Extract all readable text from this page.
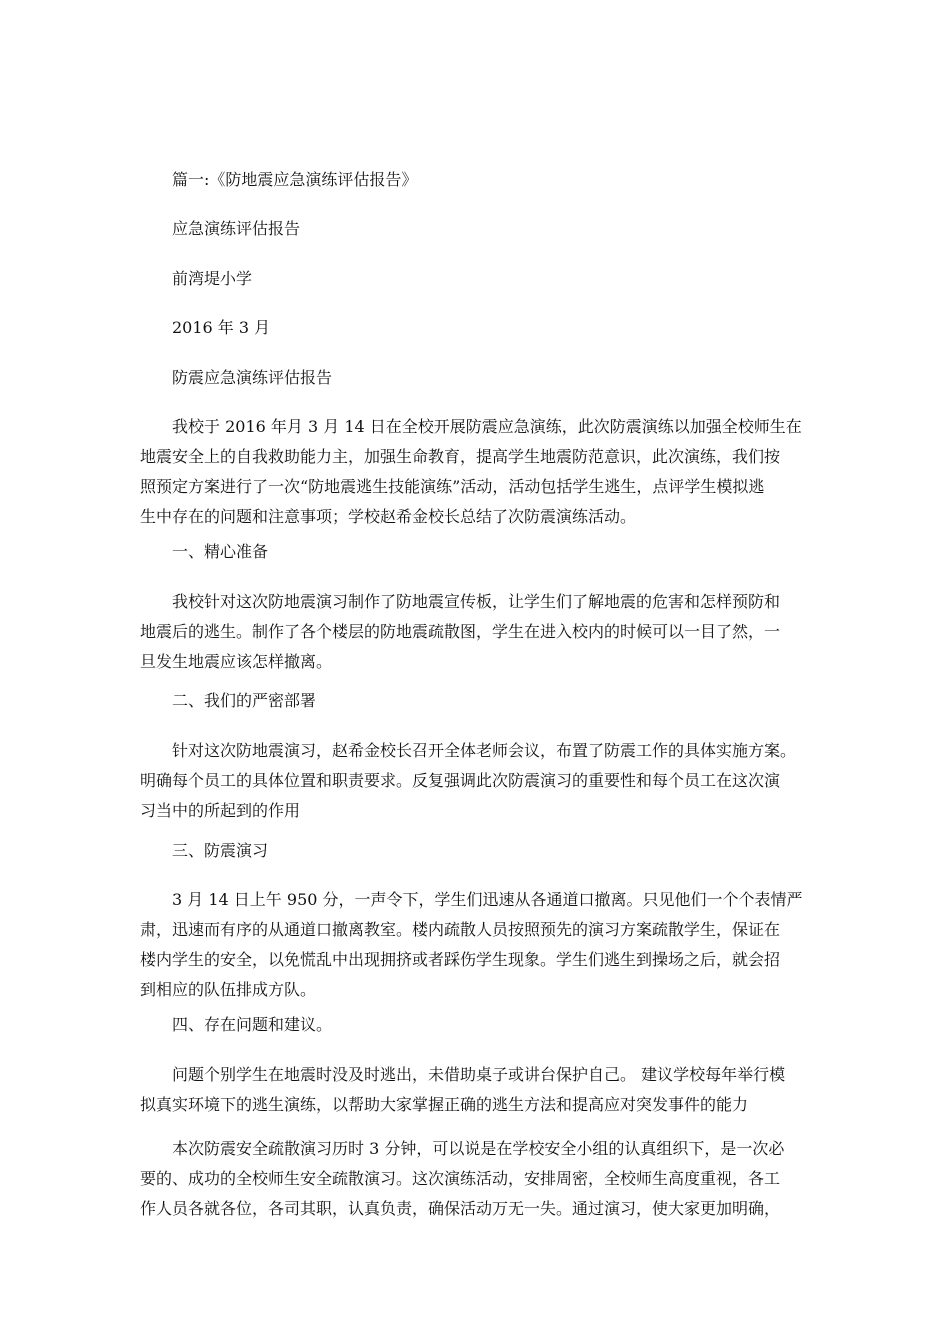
篇一:《防地震应急演练评估报告》
应急演练评估报告
前湾堤小学
2016 年 3 月
防震应急演练评估报告
我校于 2016 年月 3 月 14 日在全校开展防震应急演练，此次防震演练以加强全校师生在
地震安全上的自我救助能力主，加强生命教育，提高学生地震防范意识，此次演练，我们按
照预定方案进行了一次“防地震逃生技能演练”活动，活动包括学生逃生，点评学生模拟逃
生中存在的问题和注意事项；学校赵希金校长总结了次防震演练活动。
一、精心准备
我校针对这次防地震演习制作了防地震宣传板，让学生们了解地震的危害和怎样预防和
地震后的逃生。制作了各个楼层的防地震疏散图，学生在进入校内的时候可以一目了然，一
旦发生地震应该怎样撤离。
二、我们的严密部署
针对这次防地震演习，赵希金校长召开全体老师会议，布置了防震工作的具体实施方案。
明确每个员工的具体位置和职责要求。反复强调此次防震演习的重要性和每个员工在这次演
习当中的所起到的作用
三、防震演习
3 月 14 日上午 950 分，一声令下，学生们迅速从各通道口撤离。只见他们一个个表情严
肃，迅速而有序的从通道口撤离教室。楼内疏散人员按照预先的演习方案疏散学生，保证在
楼内学生的安全，以免慌乱中出现拥挤或者踩伤学生现象。学生们逃生到操场之后，就会招
到相应的队伍排成方队。
四、存在问题和建议。
问题个别学生在地震时没及时逃出，未借助桌子或讲台保护自己。 建议学校每年举行模
拟真实环境下的逃生演练，以帮助大家掌握正确的逃生方法和提高应对突发事件的能力
本次防震安全疏散演习历时 3 分钟，可以说是在学校安全小组的认真组织下，是一次必
要的、成功的全校师生安全疏散演习。这次演练活动，安排周密，全校师生高度重视，各工
作人员各就各位，各司其职，认真负责，确保活动万无一失。通过演习，使大家更加明确，
